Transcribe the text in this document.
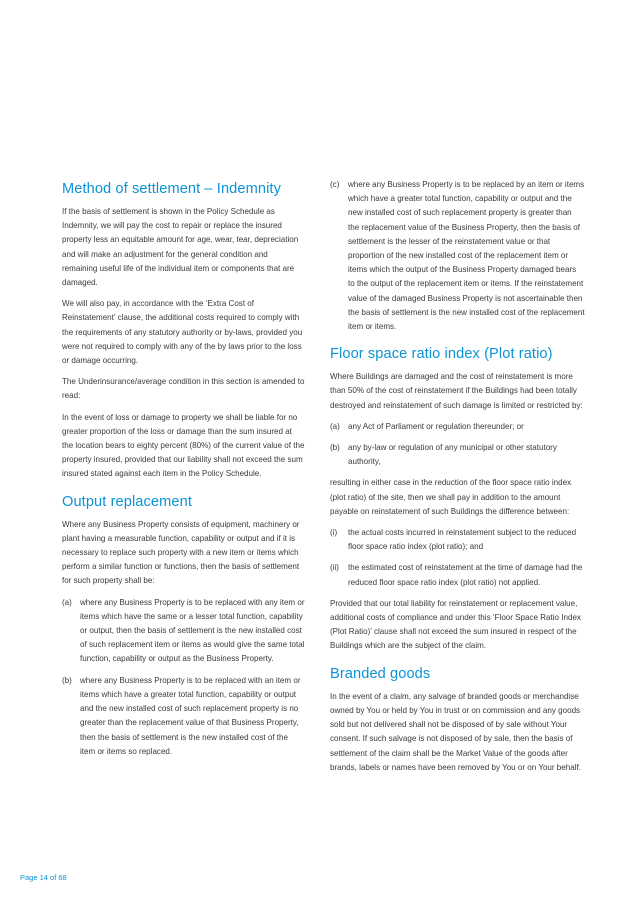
Method of settlement – Indemnity

If the basis of settlement is shown in the Policy Schedule as Indemnity, we will pay the cost to repair or replace the insured property less an equitable amount for age, wear, tear, depreciation and will make an adjustment for the general condition and remaining useful life of the individual item or components that are damaged.

We will also pay, in accordance with the ‘Extra Cost of Reinstatement’ clause, the additional costs required to comply with the requirements of any statutory authority or by-laws, provided you were not required to comply with any of the by laws prior to the loss or damage occurring.

The Underinsurance/average condition in this section is amended to read:

In the event of loss or damage to property we shall be liable for no greater proportion of the loss or damage than the sum insured at the location bears to eighty percent (80%) of the current value of the property insured, provided that our liability shall not exceed the sum insured stated against each item in the Policy Schedule.

Output replacement

Where any Business Property consists of equipment, machinery or plant having a measurable function, capability or output and if it is necessary to replace such property with a new item or items which perform a similar function or functions, then the basis of settlement for such property shall be:

(a)	where any Business Property is to be replaced with any item or items which have the same or a lesser total function, capability or output, then the basis of settlement is the new installed cost of such replacement item or items as would give the same total function, capability or output as the Business Property.
(b)	where any Business Property is to be replaced with an item or items which have a greater total function, capability or output and the new installed cost of such replacement property is no greater than the replacement value of that Business Property, then the basis of settlement is the new installed cost of the item or items so replaced.
(c)	where any Business Property is to be replaced by an item or items which have a greater total function, capability or output and the new installed cost of such replacement property is greater than the replacement value of the Business Property, then the basis of settlement is the lesser of the reinstatement value or that proportion of the new installed cost of the replacement item or items which the output of the Business Property damaged bears to the output of the replacement item or items. If the reinstatement value of the damaged Business Property is not ascertainable then the basis of settlement is the new installed cost of the replacement item or items.
Floor space ratio index (Plot ratio)

Where Buildings are damaged and the cost of reinstatement is more than 50% of the cost of reinstatement if the Buildings had been totally destroyed and reinstatement of such damage is limited or restricted by:

(a)	any Act of Parliament or regulation thereunder; or
(b)	any by-law or regulation of any municipal or other statutory authority,

resulting in either case in the reduction of the floor space ratio index (plot ratio) of the site, then we shall pay in addition to the amount payable on reinstatement of such Buildings the difference between:

(i)	the actual costs incurred in reinstatement subject to the reduced floor space ratio index (plot ratio); and
(ii)	the estimated cost of reinstatement at the time of damage had the reduced floor space ratio index (plot ratio) not applied.

Provided that our total liability for reinstatement or replacement value, additional costs of compliance and under this ‘Floor Space Ratio Index (Plot Ratio)’ clause shall not exceed the sum insured in respect of the Buildings which are the subject of the claim.

Branded goods

In the event of a claim, any salvage of branded goods or merchandise owned by You or held by You in trust or on commission and any goods sold but not delivered shall not be disposed of by sale without Your consent. If such salvage is not disposed of by sale, then the basis of settlement of the claim shall be the Market Value of the goods after brands, labels or names have been removed by You or on Your behalf.

Page 14 of 68
